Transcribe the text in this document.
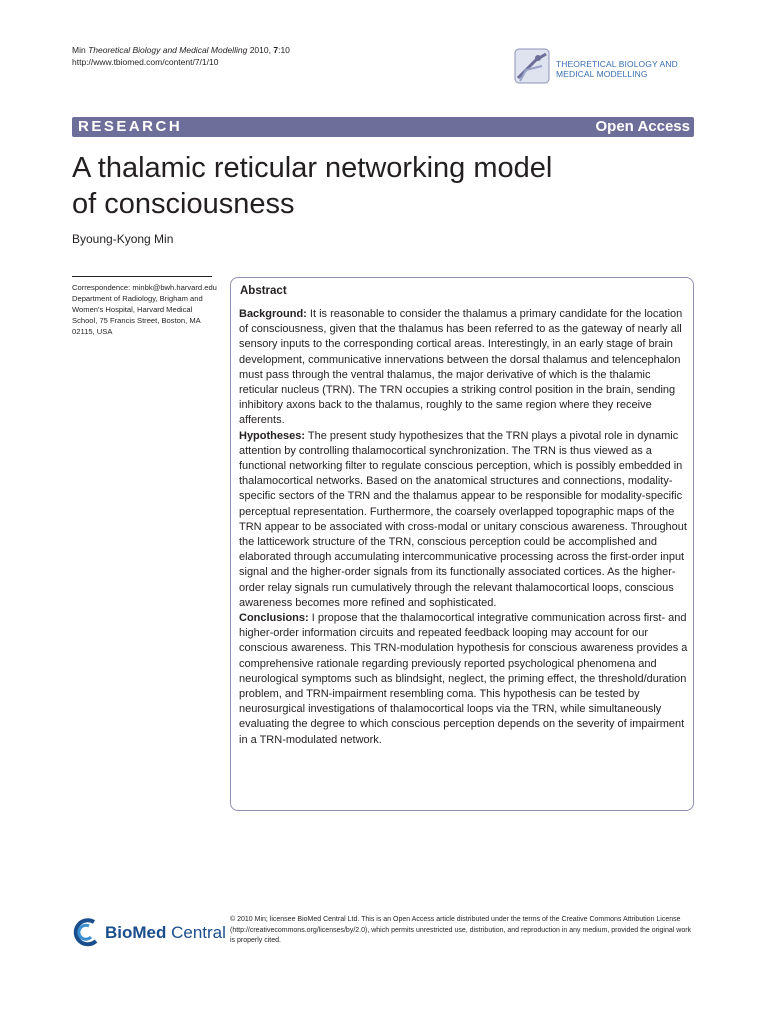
Min Theoretical Biology and Medical Modelling 2010, 7:10
http://www.tbiomed.com/content/7/1/10	THEORETICAL BIOLOGY AND
MEDICAL MODELLING
RESEARCH	Open Access
A thalamic reticular networking model
of consciousness
Byoung-Kyong Min
Correspondence: minbk@bwh.harvard.edu
Department of Radiology, Brigham and Women's Hospital, Harvard Medical School, 75 Francis Street, Boston, MA 02115, USA
Abstract

Background: It is reasonable to consider the thalamus a primary candidate for the location of consciousness, given that the thalamus has been referred to as the gateway of nearly all sensory inputs to the corresponding cortical areas. Interestingly, in an early stage of brain development, communicative innervations between the dorsal thalamus and telencephalon must pass through the ventral thalamus, the major derivative of which is the thalamic reticular nucleus (TRN). The TRN occupies a striking control position in the brain, sending inhibitory axons back to the thalamus, roughly to the same region where they receive afferents.

Hypotheses: The present study hypothesizes that the TRN plays a pivotal role in dynamic attention by controlling thalamocortical synchronization. The TRN is thus viewed as a functional networking filter to regulate conscious perception, which is possibly embedded in thalamocortical networks. Based on the anatomical structures and connections, modality-specific sectors of the TRN and the thalamus appear to be responsible for modality-specific perceptual representation. Furthermore, the coarsely overlapped topographic maps of the TRN appear to be associated with cross-modal or unitary conscious awareness. Throughout the latticework structure of the TRN, conscious perception could be accomplished and elaborated through accumulating intercommunicative processing across the first-order input signal and the higher-order signals from its functionally associated cortices. As the higher-order relay signals run cumulatively through the relevant thalamocortical loops, conscious awareness becomes more refined and sophisticated.

Conclusions: I propose that the thalamocortical integrative communication across first- and higher-order information circuits and repeated feedback looping may account for our conscious awareness. This TRN-modulation hypothesis for conscious awareness provides a comprehensive rationale regarding previously reported psychological phenomena and neurological symptoms such as blindsight, neglect, the priming effect, the threshold/duration problem, and TRN-impairment resembling coma. This hypothesis can be tested by neurosurgical investigations of thalamocortical loops via the TRN, while simultaneously evaluating the degree to which conscious perception depends on the severity of impairment in a TRN-modulated network.

BioMed Central
© 2010 Min; licensee BioMed Central Ltd. This is an Open Access article distributed under the terms of the Creative Commons Attribution License (http://creativecommons.org/licenses/by/2.0), which permits unrestricted use, distribution, and reproduction in any medium, provided the original work is properly cited.
